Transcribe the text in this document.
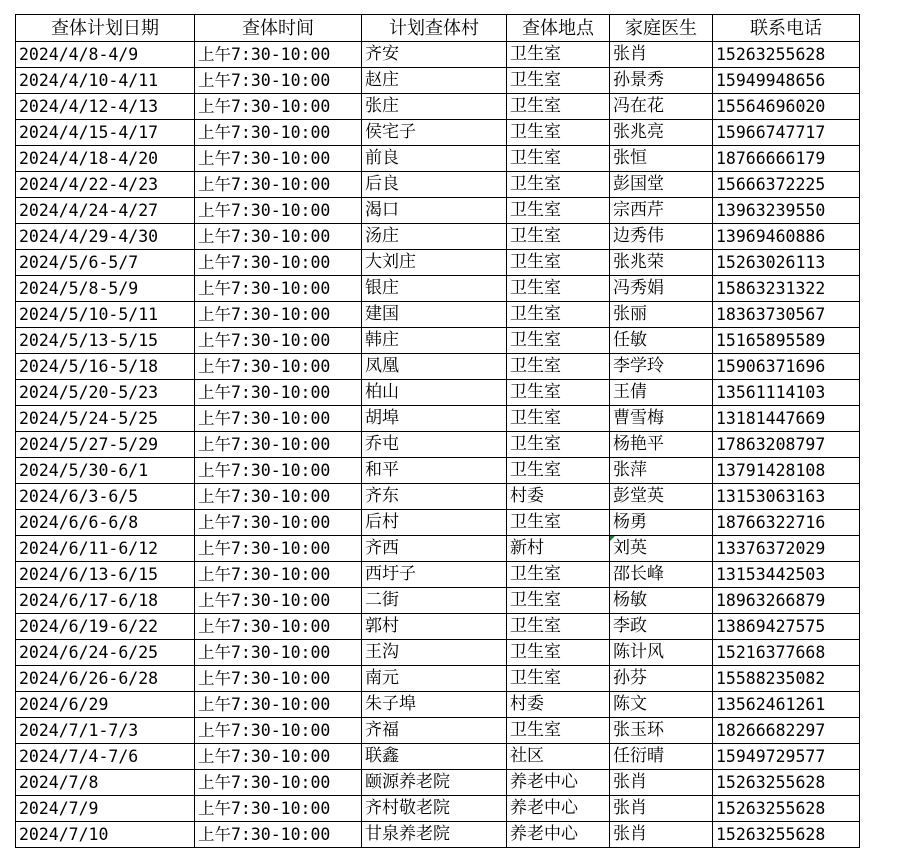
查体计划日期	查体时间	计划查体村	查体地点	家庭医生	联系电话
2024/4/8-4/9	上午7:30-10:00	齐安	卫生室	张肖	15263255628
2024/4/10-4/11	上午7:30-10:00	赵庄	卫生室	孙景秀	15949948656
2024/4/12-4/13	上午7:30-10:00	张庄	卫生室	冯在花	15564696020
2024/4/15-4/17	上午7:30-10:00	侯宅子	卫生室	张兆亮	15966747717
2024/4/18-4/20	上午7:30-10:00	前良	卫生室	张恒	18766666179
2024/4/22-4/23	上午7:30-10:00	后良	卫生室	彭国堂	15666372225
2024/4/24-4/27	上午7:30-10:00	渴口	卫生室	宗西芹	13963239550
2024/4/29-4/30	上午7:30-10:00	汤庄	卫生室	边秀伟	13969460886
2024/5/6-5/7	上午7:30-10:00	大刘庄	卫生室	张兆荣	15263026113
2024/5/8-5/9	上午7:30-10:00	银庄	卫生室	冯秀娟	15863231322
2024/5/10-5/11	上午7:30-10:00	建国	卫生室	张丽	18363730567
2024/5/13-5/15	上午7:30-10:00	韩庄	卫生室	任敏	15165895589
2024/5/16-5/18	上午7:30-10:00	凤凰	卫生室	李学玲	15906371696
2024/5/20-5/23	上午7:30-10:00	柏山	卫生室	王倩	13561114103
2024/5/24-5/25	上午7:30-10:00	胡埠	卫生室	曹雪梅	13181447669
2024/5/27-5/29	上午7:30-10:00	乔屯	卫生室	杨艳平	17863208797
2024/5/30-6/1	上午7:30-10:00	和平	卫生室	张萍	13791428108
2024/6/3-6/5	上午7:30-10:00	齐东	村委	彭堂英	13153063163
2024/6/6-6/8	上午7:30-10:00	后村	卫生室	杨勇	18766322716
2024/6/11-6/12	上午7:30-10:00	齐西	新村	刘英	13376372029
2024/6/13-6/15	上午7:30-10:00	西圩子	卫生室	邵长峰	13153442503
2024/6/17-6/18	上午7:30-10:00	二街	卫生室	杨敏	18963266879
2024/6/19-6/22	上午7:30-10:00	郭村	卫生室	李政	13869427575
2024/6/24-6/25	上午7:30-10:00	王沟	卫生室	陈计风	15216377668
2024/6/26-6/28	上午7:30-10:00	南元	卫生室	孙芬	15588235082
2024/6/29	上午7:30-10:00	朱子埠	村委	陈文	13562461261
2024/7/1-7/3	上午7:30-10:00	齐福	卫生室	张玉环	18266682297
2024/7/4-7/6	上午7:30-10:00	联鑫	社区	任衍晴	15949729577
2024/7/8	上午7:30-10:00	颐源养老院	养老中心	张肖	15263255628
2024/7/9	上午7:30-10:00	齐村敬老院	养老中心	张肖	15263255628
2024/7/10	上午7:30-10:00	甘泉养老院	养老中心	张肖	15263255628
